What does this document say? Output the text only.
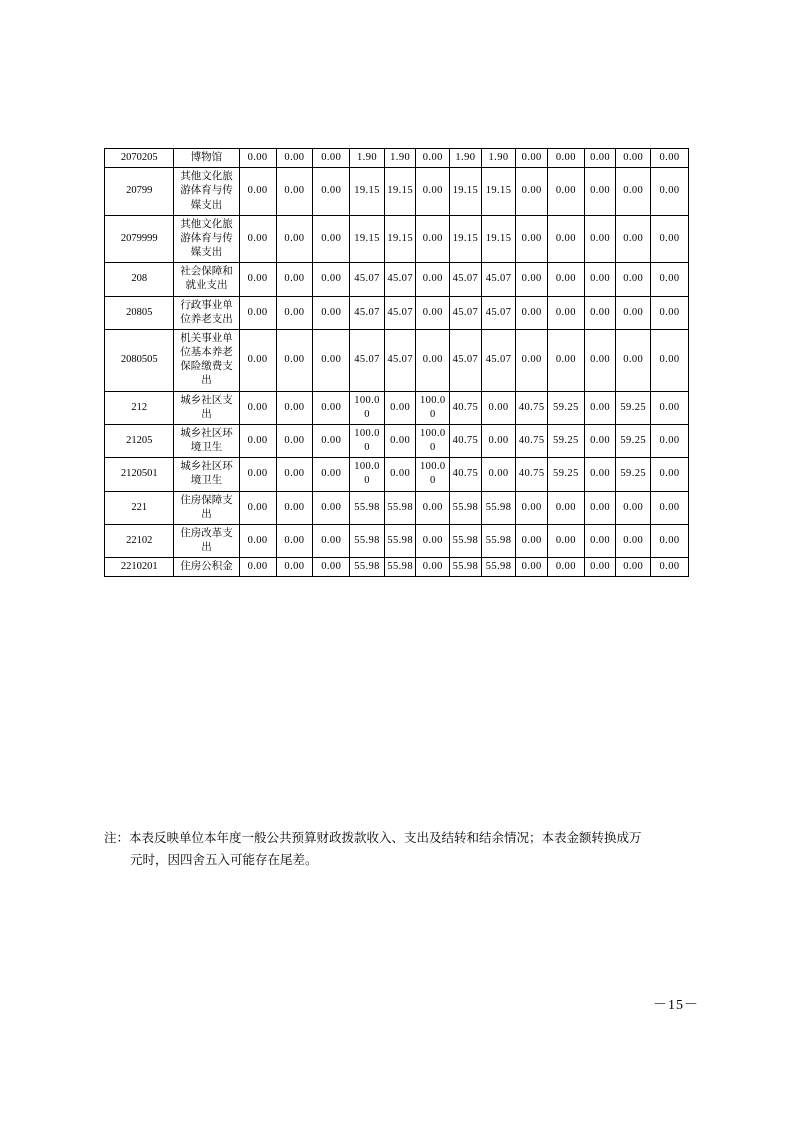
2070205	博物馆	0.00	0.00	0.00	1.90	1.90	0.00	1.90	1.90	0.00	0.00	0.00	0.00	0.00
20799	其他文化旅游体育与传媒支出	0.00	0.00	0.00	19.15	19.15	0.00	19.15	19.15	0.00	0.00	0.00	0.00	0.00
2079999	其他文化旅游体育与传媒支出	0.00	0.00	0.00	19.15	19.15	0.00	19.15	19.15	0.00	0.00	0.00	0.00	0.00
208	社会保障和就业支出	0.00	0.00	0.00	45.07	45.07	0.00	45.07	45.07	0.00	0.00	0.00	0.00	0.00
20805	行政事业单位养老支出	0.00	0.00	0.00	45.07	45.07	0.00	45.07	45.07	0.00	0.00	0.00	0.00	0.00
2080505	机关事业单位基本养老保险缴费支出	0.00	0.00	0.00	45.07	45.07	0.00	45.07	45.07	0.00	0.00	0.00	0.00	0.00
212	城乡社区支出	0.00	0.00	0.00	100.00	0.00	100.00	40.75	0.00	40.75	59.25	0.00	59.25	0.00
21205	城乡社区环境卫生	0.00	0.00	0.00	100.00	0.00	100.00	40.75	0.00	40.75	59.25	0.00	59.25	0.00
2120501	城乡社区环境卫生	0.00	0.00	0.00	100.00	0.00	100.00	40.75	0.00	40.75	59.25	0.00	59.25	0.00
221	住房保障支出	0.00	0.00	0.00	55.98	55.98	0.00	55.98	55.98	0.00	0.00	0.00	0.00	0.00
22102	住房改革支出	0.00	0.00	0.00	55.98	55.98	0.00	55.98	55.98	0.00	0.00	0.00	0.00	0.00
2210201	住房公积金	0.00	0.00	0.00	55.98	55.98	0.00	55.98	55.98	0.00	0.00	0.00	0.00	0.00
注：本表反映单位本年度一般公共预算财政拨款收入、支出及结转和结余情况；本表金额转换成万
元时，因四舍五入可能存在尾差。
－15－
